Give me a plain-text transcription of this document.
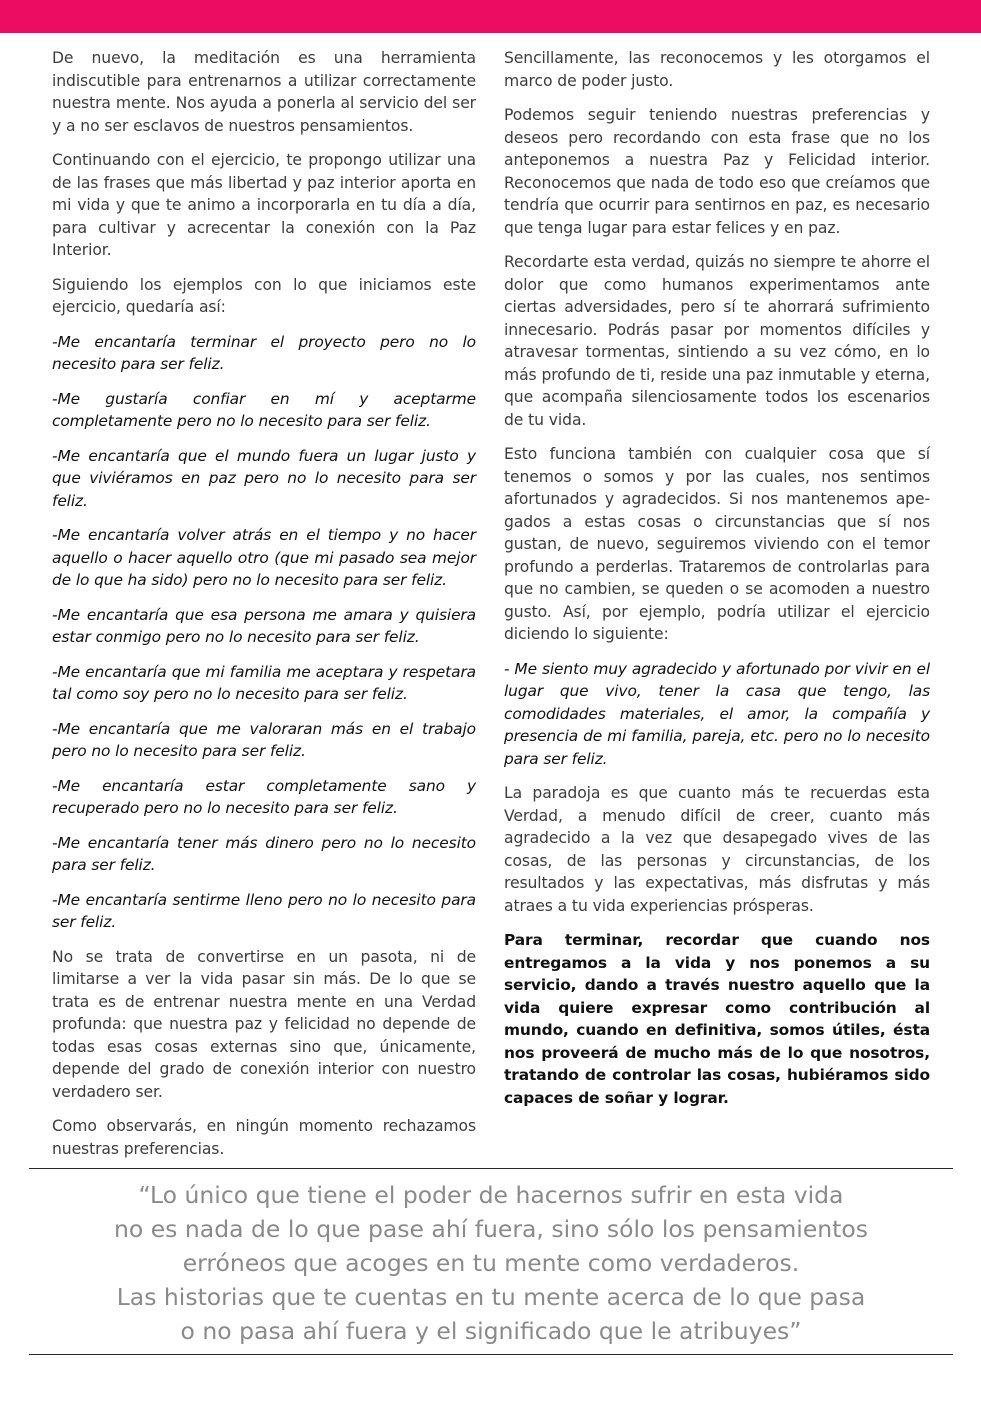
De nuevo, la meditación es una herramienta indiscutible para entrenarnos a utilizar correctamente nuestra mente. Nos ayuda a ponerla al servicio del ser y a no ser esclavos de nuestros pensamientos.

Continuando con el ejercicio, te propongo utilizar una de las frases que más libertad y paz interior aporta en mi vida y que te animo a incorporarla en tu día a día, para cultivar y acrecentar la conexión con la Paz Interior.

Siguiendo los ejemplos con lo que iniciamos este ejercicio, quedaría así:

-Me encantaría terminar el proyecto pero no lo necesito para ser feliz.

-Me gustaría confiar en mí y aceptarme completamente pero no lo necesito para ser feliz.

-Me encantaría que el mundo fuera un lugar justo y que viviéramos en paz pero no lo necesito para ser feliz.

-Me encantaría volver atrás en el tiempo y no hacer aquello o hacer aquello otro (que mi pasado sea mejor de lo que ha sido) pero no lo necesito para ser feliz.

-Me encantaría que esa persona me amara y quisiera estar conmigo pero no lo necesito para ser feliz.

-Me encantaría que mi familia me aceptara y respetara tal como soy pero no lo necesito para ser feliz.

-Me encantaría que me valoraran más en el trabajo pero no lo necesito para ser feliz.

-Me encantaría estar completamente sano y recuperado pero no lo necesito para ser feliz.

-Me encantaría tener más dinero pero no lo necesito para ser feliz.

-Me encantaría sentirme lleno pero no lo necesito para ser feliz.

No se trata de convertirse en un pasota, ni de limitarse a ver la vida pasar sin más. De lo que se trata es de entrenar nuestra mente en una Verdad profunda: que nuestra paz y felicidad no depende de todas esas cosas externas sino que, únicamente, depende del grado de conexión interior con nuestro verdadero ser.

Como observarás, en ningún momento rechazamos nuestras preferencias.

Sencillamente, las reconocemos y les otorgamos el marco de poder justo.

Podemos seguir teniendo nuestras preferencias y deseos pero recordando con esta frase que no los anteponemos a nuestra Paz y Felicidad interior. Reconocemos que nada de todo eso que creíamos que tendría que ocurrir para sentirnos en paz, es necesario que tenga lugar para estar felices y en paz.

Recordarte esta verdad, quizás no siempre te ahorre el dolor que como humanos experimentamos ante ciertas adversidades, pero sí te ahorrará sufrimiento innecesario. Podrás pasar por momentos difíciles y atravesar tormentas, sintiendo a su vez cómo, en lo más profundo de ti, reside una paz inmutable y eterna, que acompaña silenciosamente todos los escenarios de tu vida.

Esto funciona también con cualquier cosa que sí tenemos o somos y por las cuales, nos sentimos afortunados y agradecidos. Si nos mantenemos ape-gados a estas cosas o circunstancias que sí nos gustan, de nuevo, seguiremos viviendo con el temor profundo a perderlas. Trataremos de controlarlas para que no cambien, se queden o se acomoden a nuestro gusto. Así, por ejemplo, podría utilizar el ejercicio diciendo lo siguiente:

- Me siento muy agradecido y afortunado por vivir en el lugar que vivo, tener la casa que tengo, las comodidades materiales, el amor, la compañía y presencia de mi familia, pareja, etc. pero no lo necesito para ser feliz.

La paradoja es que cuanto más te recuerdas esta Verdad, a menudo difícil de creer, cuanto más agradecido a la vez que desapegado vives de las cosas, de las personas y circunstancias, de los resultados y las expectativas, más disfrutas y más atraes a tu vida experiencias prósperas.

Para terminar, recordar que cuando nos entregamos a la vida y nos ponemos a su servicio, dando a través nuestro aquello que la vida quiere expresar como contribución al mundo, cuando en definitiva, somos útiles, ésta nos proveerá de mucho más de lo que nosotros, tratando de controlar las cosas, hubiéramos sido capaces de soñar y lograr.

“Lo único que tiene el poder de hacernos sufrir en esta vida
no es nada de lo que pase ahí fuera, sino sólo los pensamientos
erróneos que acoges en tu mente como verdaderos.
Las historias que te cuentas en tu mente acerca de lo que pasa
o no pasa ahí fuera y el significado que le atribuyes”
